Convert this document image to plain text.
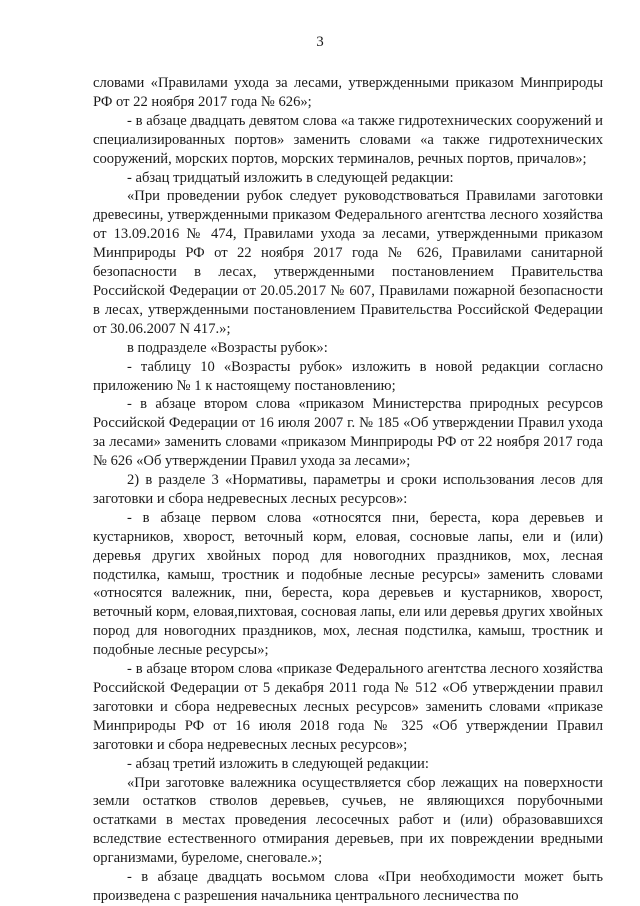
3

словами «Правилами ухода за лесами, утвержденными приказом Минприроды РФ от 22 ноября 2017 года № 626»;

- в абзаце двадцать девятом слова «а также гидротехнических сооружений и специализированных портов» заменить словами «а также гидротехнических сооружений, морских портов, морских терминалов, речных портов, причалов»;

- абзац тридцатый изложить в следующей редакции:

«При проведении рубок следует руководствоваться Правилами заготовки древесины, утвержденными приказом Федерального агентства лесного хозяйства от 13.09.2016 № 474, Правилами ухода за лесами, утвержденными приказом Минприроды РФ от 22 ноября 2017 года № 626, Правилами санитарной безопасности в лесах, утвержденными постановлением Правительства Российской Федерации от 20.05.2017 № 607, Правилами пожарной безопасности в лесах, утвержденными постановлением Правительства Российской Федерации от 30.06.2007 N 417.»;

в подразделе «Возрасты рубок»:

- таблицу 10 «Возрасты рубок» изложить в новой редакции согласно приложению № 1 к настоящему постановлению;

- в абзаце втором слова «приказом Министерства природных ресурсов Российской Федерации от 16 июля 2007 г. № 185 «Об утверждении Правил ухода за лесами» заменить словами «приказом Минприроды РФ от 22 ноября 2017 года № 626 «Об утверждении Правил ухода за лесами»;

2) в разделе 3 «Нормативы, параметры и сроки использования лесов для заготовки и сбора недревесных лесных ресурсов»:

- в абзаце первом слова «относятся пни, береста, кора деревьев и кустарников, хворост, веточный корм, еловая, сосновые лапы, ели и (или) деревья других хвойных пород для новогодних праздников, мох, лесная подстилка, камыш, тростник и подобные лесные ресурсы» заменить словами «относятся валежник, пни, береста, кора деревьев и кустарников, хворост, веточный корм, еловая,пихтовая, сосновая лапы, ели или деревья других хвойных пород для новогодних праздников, мох, лесная подстилка, камыш, тростник и подобные лесные ресурсы»;

- в абзаце втором слова «приказе Федерального агентства лесного хозяйства Российской Федерации от 5 декабря 2011 года № 512 «Об утверждении правил заготовки и сбора недревесных лесных ресурсов» заменить словами «приказе Минприроды РФ от 16 июля 2018 года № 325 «Об утверждении Правил заготовки и сбора недревесных лесных ресурсов»;

- абзац третий изложить в следующей редакции:

«При заготовке валежника осуществляется сбор лежащих на поверхности земли остатков стволов деревьев, сучьев, не являющихся порубочными остатками в местах проведения лесосечных работ и (или) образовавшихся вследствие естественного отмирания деревьев, при их повреждении вредными организмами, буреломе, снеговале.»;

- в абзаце двадцать восьмом слова «При необходимости может быть произведена с разрешения начальника центрального лесничества по
